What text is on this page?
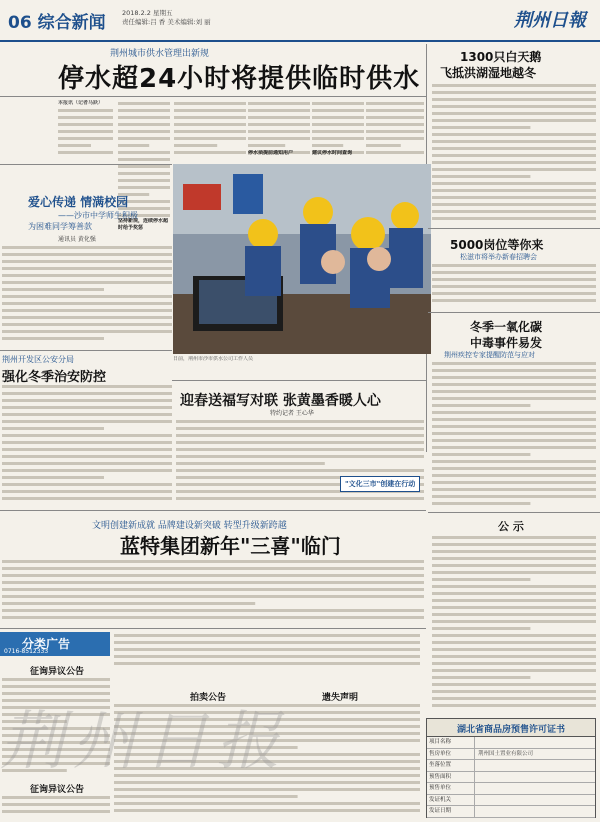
06 综合新闻	2018.2.2 星期五
责任编辑:吕 香 美术编辑:刘 丽	荆州日報
荆州城市供水管理出新规
停水超24小时将提供临时供水
本报讯（记者马跃）
坚持新规，连续停水超时给予奖惩
停水须提前通知用户	建议停水时间查询
爱心传递 情满校园
——沙市中学师生积极
为困难同学筹善款
通讯员 黄化强
荆州开发区公安分局
强化冬季治安防控
日前，荆州市沙市供水公司工作人员
迎春送福写对联 张黄墨香暖人心
特约记者 王心华
"文化三市"创建在行动
文明创建新成就 品牌建设新突破 转型升级新跨越
蓝特集团新年"三喜"临门
分类广告
0716-8512333
征询异议公告
征询异议公告
拍卖公告	遗失声明
1300只白天鹅
飞抵洪湖湿地越冬
5000岗位等你来
松滋市将举办新春招聘会
冬季一氧化碳
中毒事件易发
荆州疾控专家提醒防范与应对
公 示
湖北省商品房预售许可证书
项目名称
售房单位	荆州国土置业有限公司
坐落位置
预售面积
预售单位
发证机关
发证日期
荆州日报
